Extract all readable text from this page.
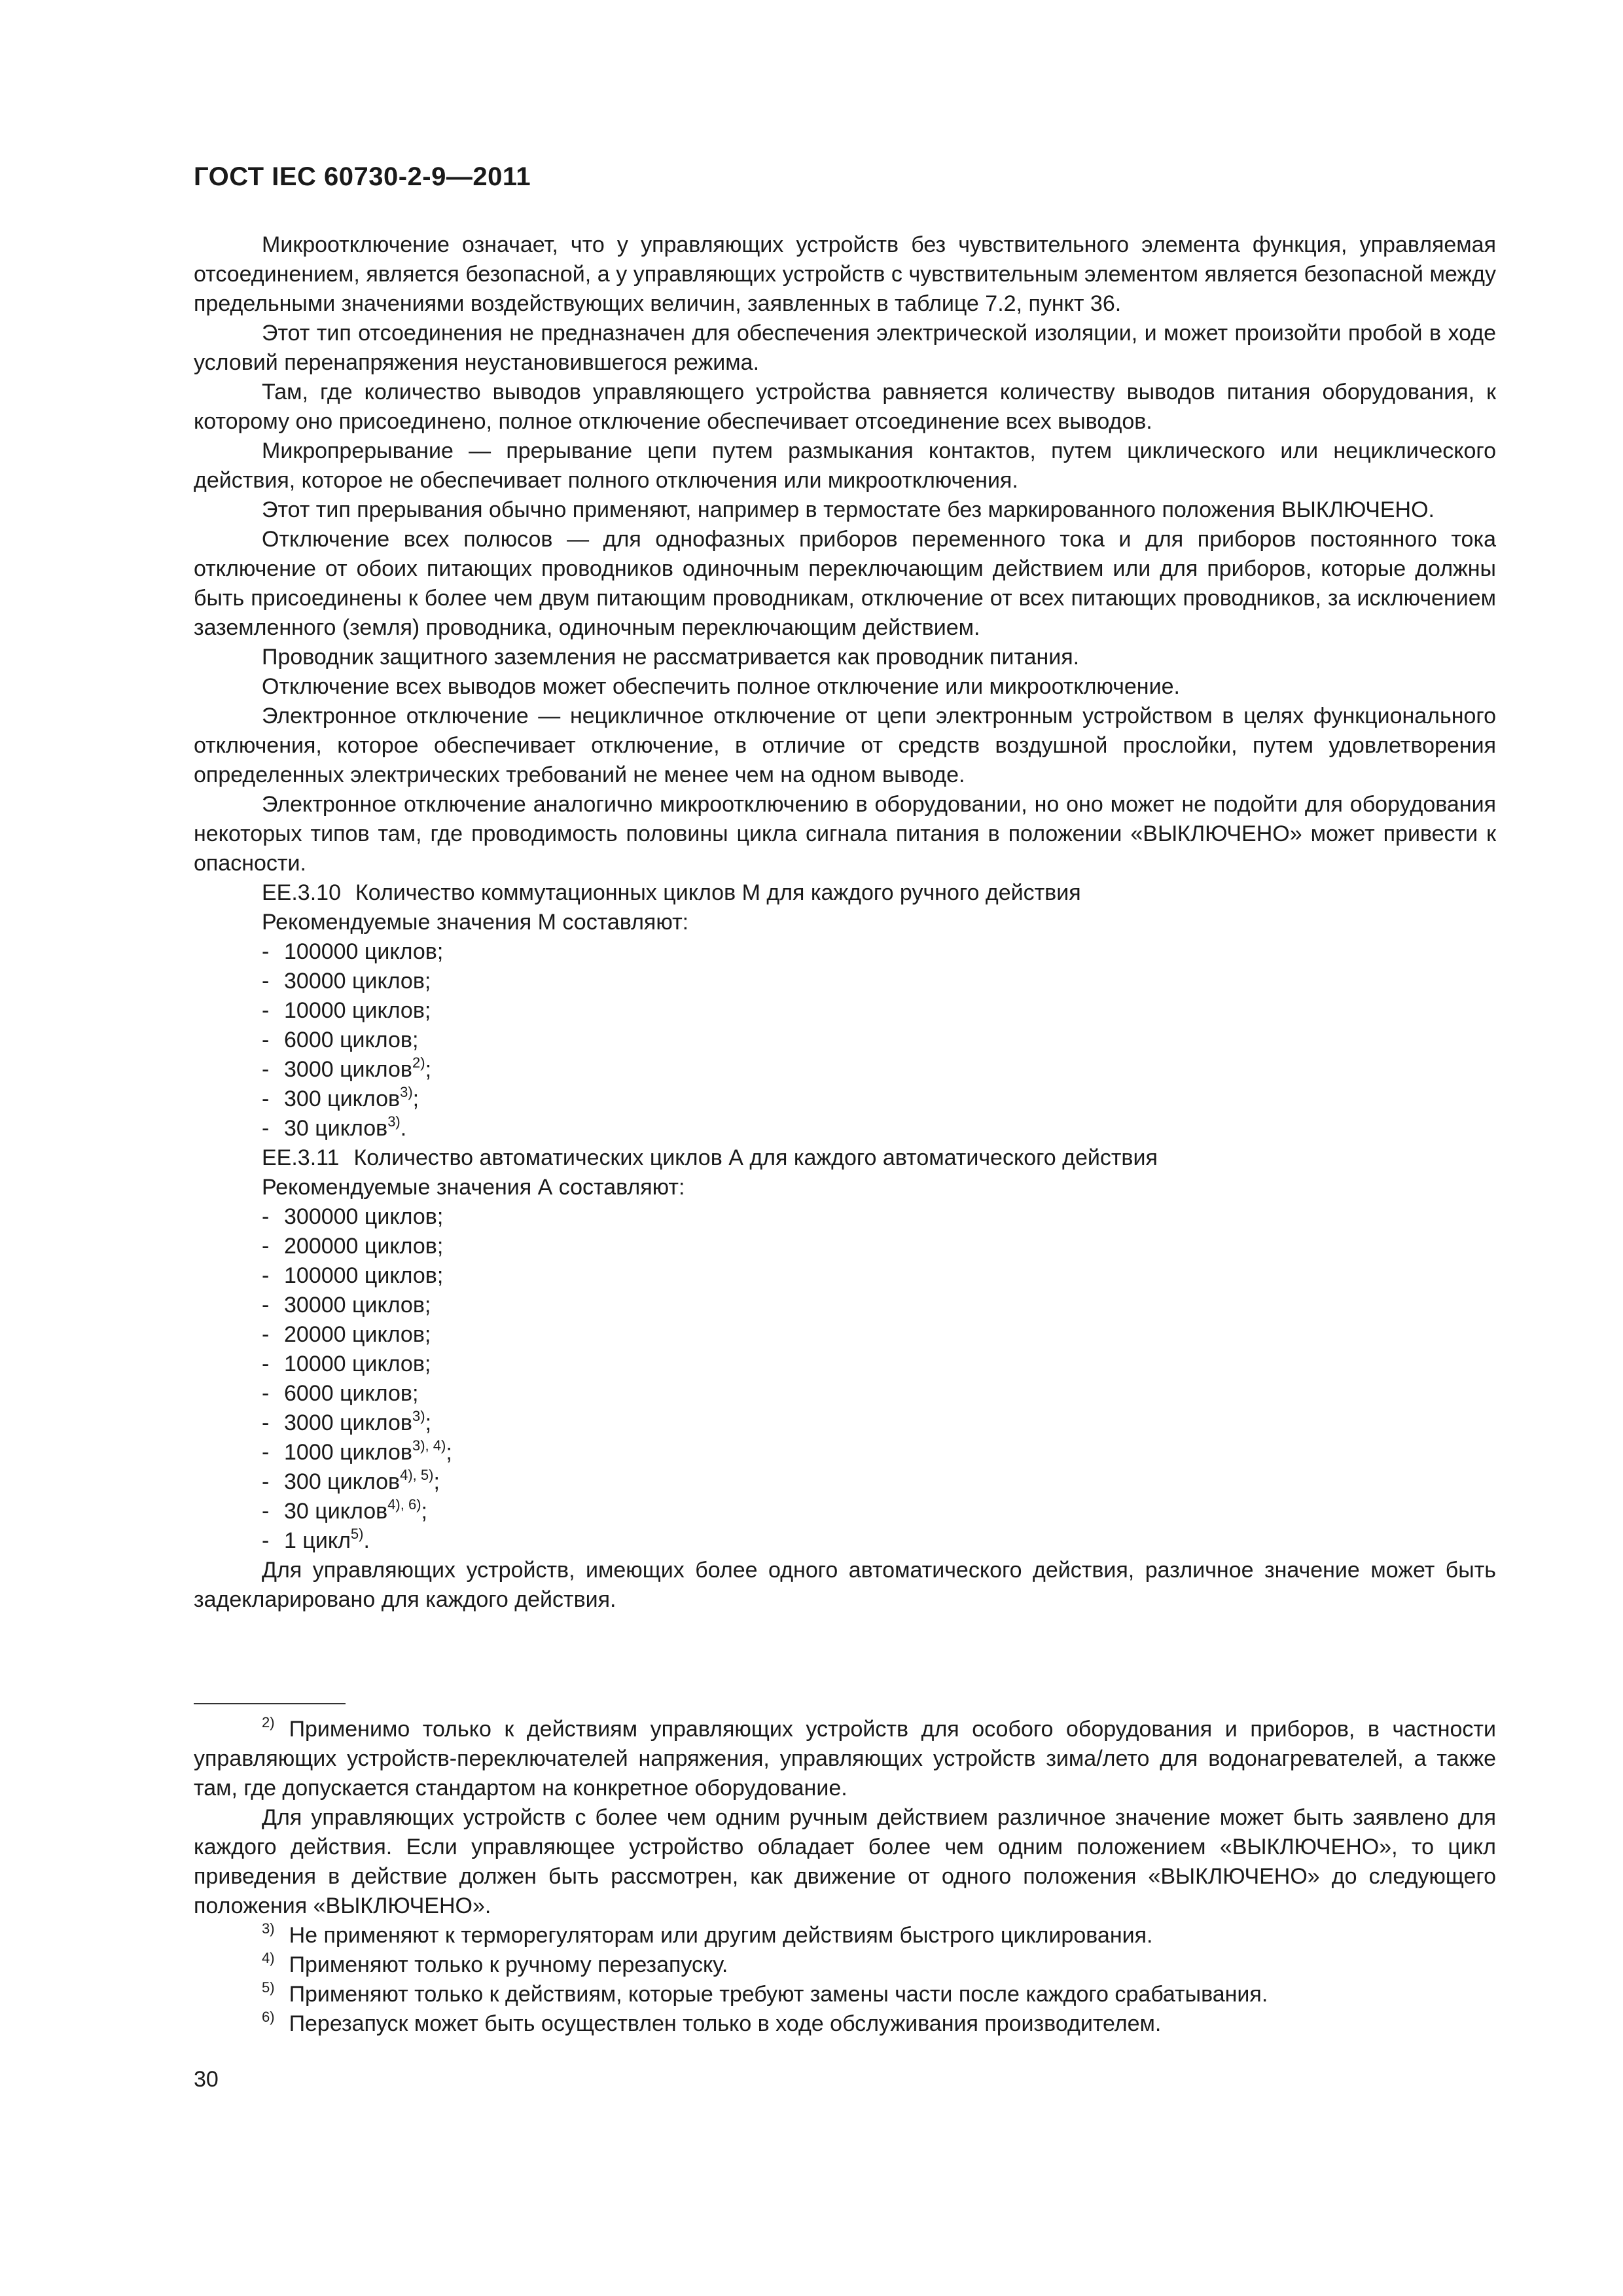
ГОСТ IEC 60730-2-9—2011

Микроотключение означает, что у управляющих устройств без чувствительного элемента функция, управляемая отсоединением, является безопасной, а у управляющих устройств с чувствительным элементом является безопасной между предельными значениями воздействующих величин, заявленных в таблице 7.2, пункт 36.

Этот тип отсоединения не предназначен для обеспечения электрической изоляции, и может произойти пробой в ходе условий перенапряжения неустановившегося режима.

Там, где количество выводов управляющего устройства равняется количеству выводов питания оборудования, к которому оно присоединено, полное отключение обеспечивает отсоединение всех выводов.

Микропрерывание — прерывание цепи путем размыкания контактов, путем циклического или нециклического действия, которое не обеспечивает полного отключения или микроотключения.

Этот тип прерывания обычно применяют, например в термостате без маркированного положения ВЫКЛЮЧЕНО.

Отключение всех полюсов — для однофазных приборов переменного тока и для приборов постоянного тока отключение от обоих питающих проводников одиночным переключающим действием или для приборов, которые должны быть присоединены к более чем двум питающим проводникам, отключение от всех питающих проводников, за исключением заземленного (земля) проводника, одиночным переключающим действием.

Проводник защитного заземления не рассматривается как проводник питания.

Отключение всех выводов может обеспечить полное отключение или микроотключение.

Электронное отключение — нецикличное отключение от цепи электронным устройством в целях функционального отключения, которое обеспечивает отключение, в отличие от средств воздушной прослойки, путем удовлетворения определенных электрических требований не менее чем на одном выводе.

Электронное отключение аналогично микроотключению в оборудовании, но оно может не подойти для оборудования некоторых типов там, где проводимость половины цикла сигнала питания в положении «ВЫКЛЮЧЕНО» может привести к опасности.

ЕЕ.3.10 Количество коммутационных циклов М для каждого ручного действия
Рекомендуемые значения М составляют:
- 100000 циклов;
- 30000 циклов;
- 10000 циклов;
- 6000 циклов;
- 3000 циклов$^{2)}$;
- 300 циклов$^{3)}$;
- 30 циклов$^{3)}$.
ЕЕ.3.11 Количество автоматических циклов А для каждого автоматического действия
Рекомендуемые значения А составляют:
- 300000 циклов;
- 200000 циклов;
- 100000 циклов;
- 30000 циклов;
- 20000 циклов;
- 10000 циклов;
- 6000 циклов;
- 3000 циклов$^{3)}$;
- 1000 циклов$^{3), 4)}$;
- 300 циклов$^{4), 5)}$;
- 30 циклов$^{4), 6)}$;
- 1 цикл$^{5)}$.

Для управляющих устройств, имеющих более одного автоматического действия, различное значение может быть задекларировано для каждого действия.

$^{2)}$ Применимо только к действиям управляющих устройств для особого оборудования и приборов, в частности управляющих устройств-переключателей напряжения, управляющих устройств зима/лето для водонагревателей, а также там, где допускается стандартом на конкретное оборудование.

Для управляющих устройств с более чем одним ручным действием различное значение может быть заявлено для каждого действия. Если управляющее устройство обладает более чем одним положением «ВЫКЛЮЧЕНО», то цикл приведения в действие должен быть рассмотрен, как движение от одного положения «ВЫКЛЮЧЕНО» до следующего положения «ВЫКЛЮЧЕНО».

$^{3)}$ Не применяют к терморегуляторам или другим действиям быстрого циклирования.

$^{4)}$ Применяют только к ручному перезапуску.

$^{5)}$ Применяют только к действиям, которые требуют замены части после каждого срабатывания.

$^{6)}$ Перезапуск может быть осуществлен только в ходе обслуживания производителем.

30
